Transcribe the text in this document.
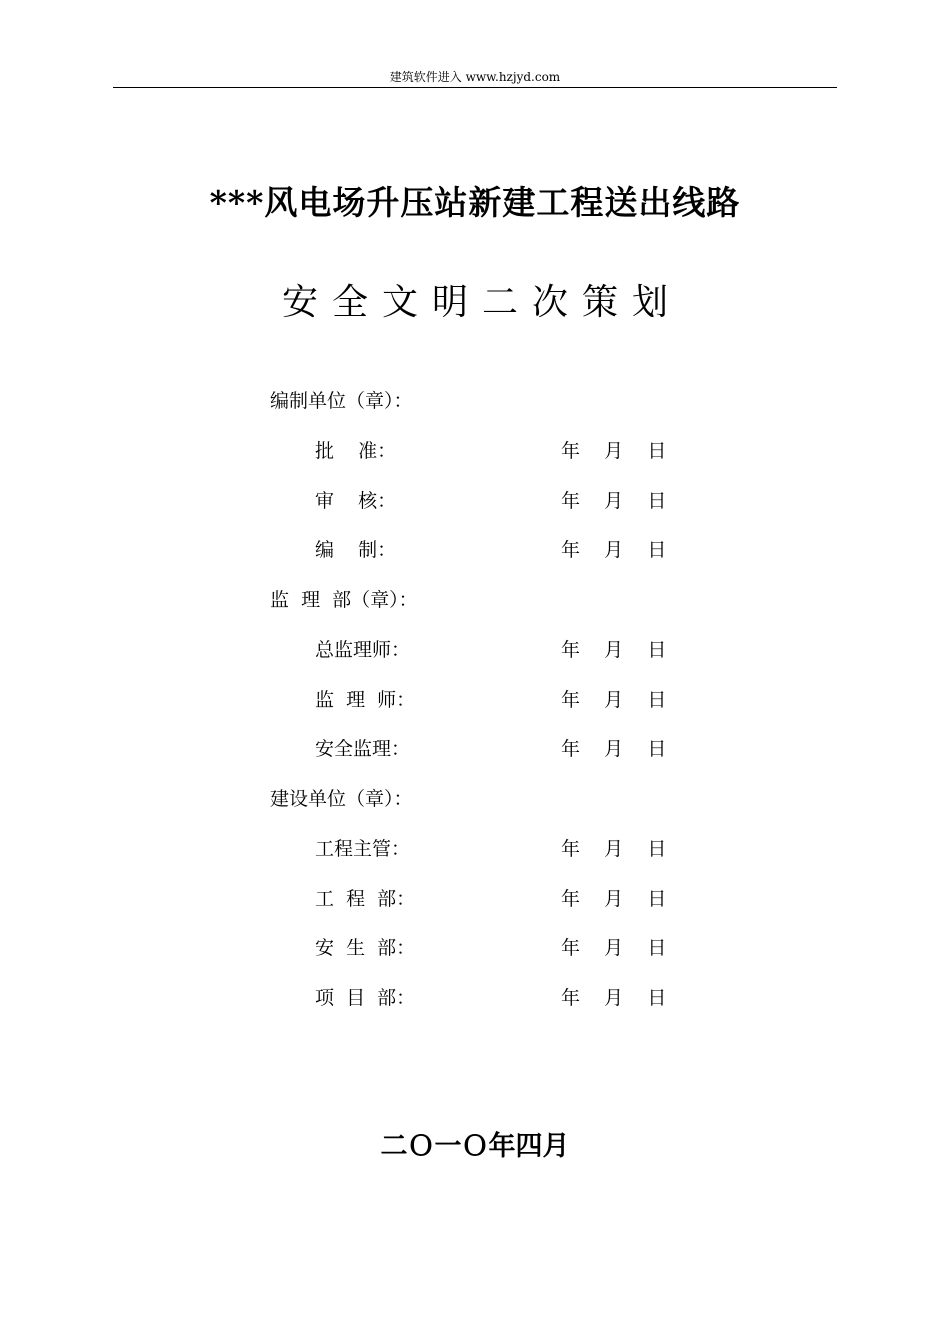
建筑软件进入 www.hzjyd.com
***风电场升压站新建工程送出线路
安全文明二次策划
编制单位（章）：
批    准：	年    月    日
审    核：	年    月    日
编    制：	年    月    日
监  理  部（章）：
总监理师：	年    月    日
监  理  师：	年    月    日
安全监理：	年    月    日
建设单位（章）：
工程主管：	年    月    日
工  程  部：	年    月    日
安  生  部：	年    月    日
项  目  部：	年    月    日
二Ｏ一Ｏ年四月
